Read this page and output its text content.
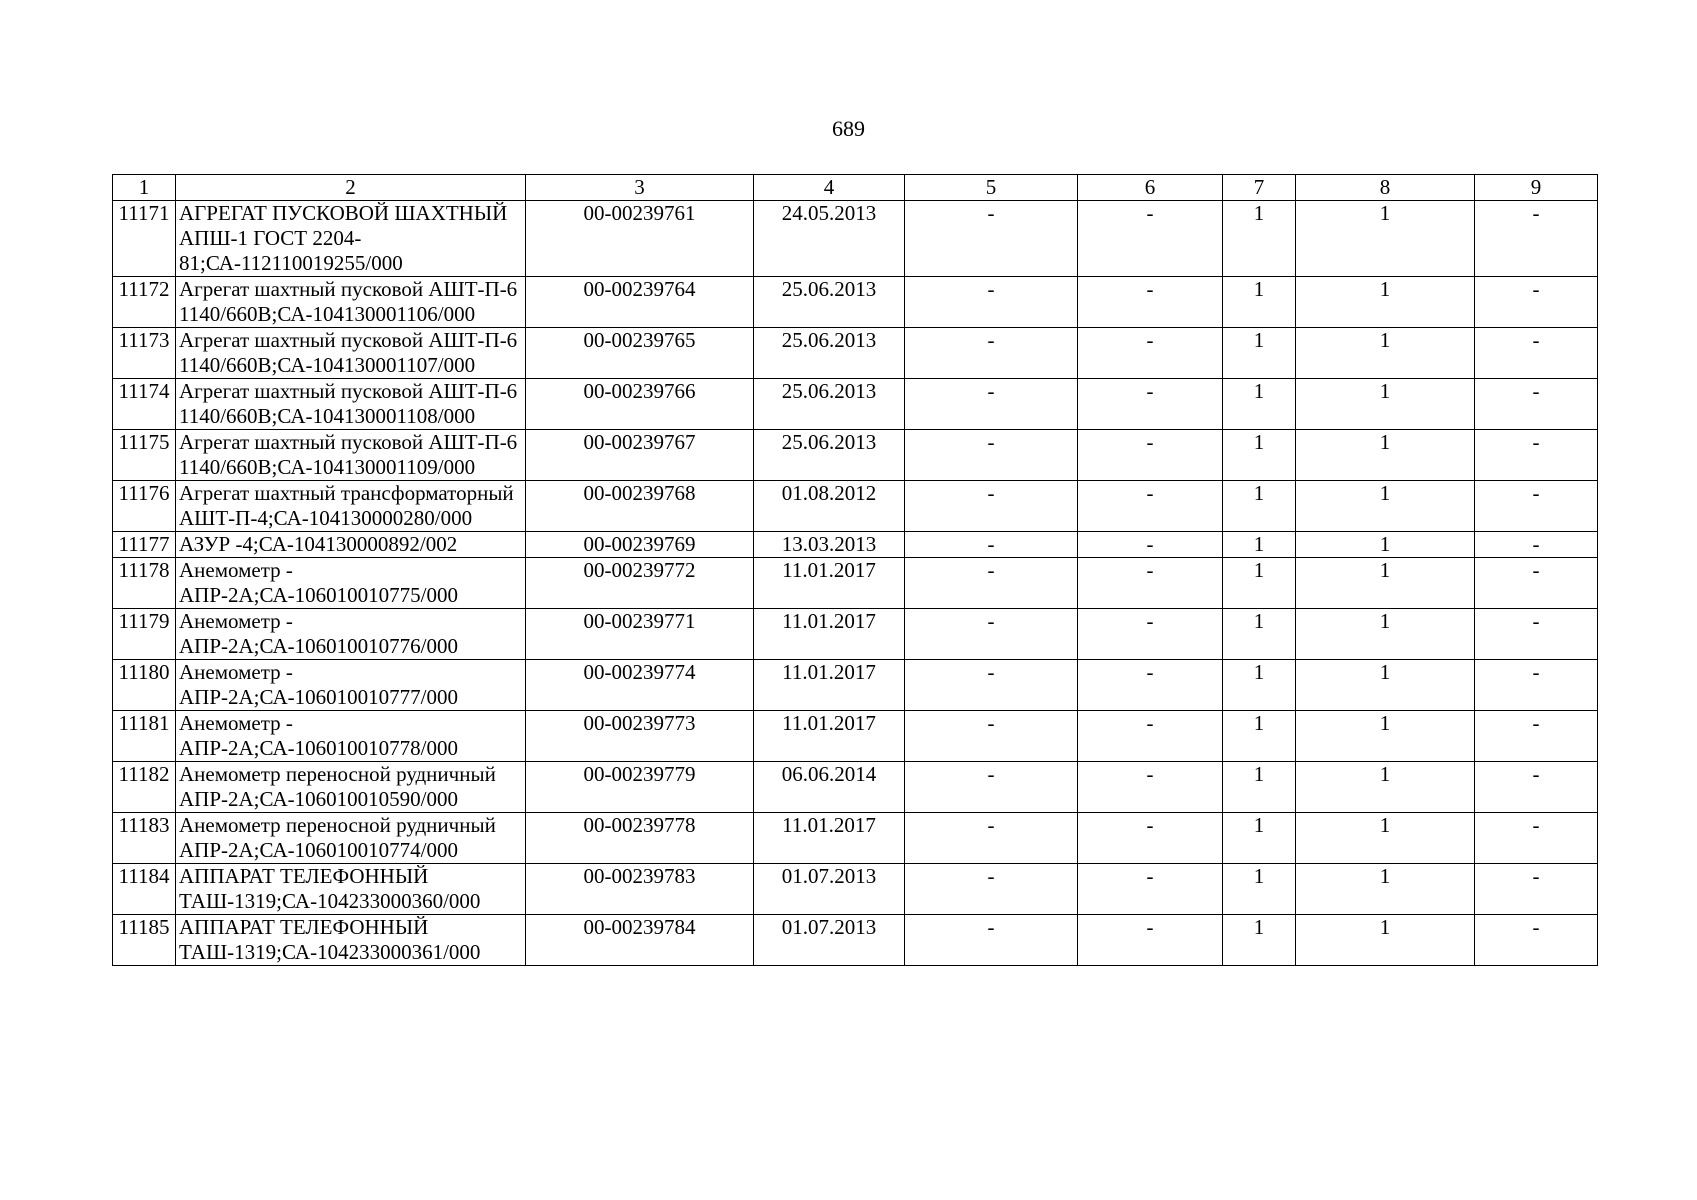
689
1	2	3	4	5	6	7	8	9
11171	АГРЕГАТ ПУСКОВОЙ ШАХТНЫЙ АПШ-1 ГОСТ 2204-81;СА-112110019255/000	00-00239761	24.05.2013	-	-	1	1	-
11172	Агрегат шахтный пусковой АШТ-П-6 1140/660В;СА-104130001106/000	00-00239764	25.06.2013	-	-	1	1	-
11173	Агрегат шахтный пусковой АШТ-П-6 1140/660В;СА-104130001107/000	00-00239765	25.06.2013	-	-	1	1	-
11174	Агрегат шахтный пусковой АШТ-П-6 1140/660В;СА-104130001108/000	00-00239766	25.06.2013	-	-	1	1	-
11175	Агрегат шахтный пусковой АШТ-П-6 1140/660В;СА-104130001109/000	00-00239767	25.06.2013	-	-	1	1	-
11176	Агрегат шахтный трансформаторный АШТ-П-4;СА-104130000280/000	00-00239768	01.08.2012	-	-	1	1	-
11177	АЗУР -4;СА-104130000892/002	00-00239769	13.03.2013	-	-	1	1	-
11178	Анемометр - АПР-2А;СА-106010010775/000	00-00239772	11.01.2017	-	-	1	1	-
11179	Анемометр - АПР-2А;СА-106010010776/000	00-00239771	11.01.2017	-	-	1	1	-
11180	Анемометр - АПР-2А;СА-106010010777/000	00-00239774	11.01.2017	-	-	1	1	-
11181	Анемометр - АПР-2А;СА-106010010778/000	00-00239773	11.01.2017	-	-	1	1	-
11182	Анемометр переносной рудничный АПР-2А;СА-106010010590/000	00-00239779	06.06.2014	-	-	1	1	-
11183	Анемометр переносной рудничный АПР-2А;СА-106010010774/000	00-00239778	11.01.2017	-	-	1	1	-
11184	АППАРАТ ТЕЛЕФОННЫЙ ТАШ-1319;СА-104233000360/000	00-00239783	01.07.2013	-	-	1	1	-
11185	АППАРАТ ТЕЛЕФОННЫЙ ТАШ-1319;СА-104233000361/000	00-00239784	01.07.2013	-	-	1	1	-
